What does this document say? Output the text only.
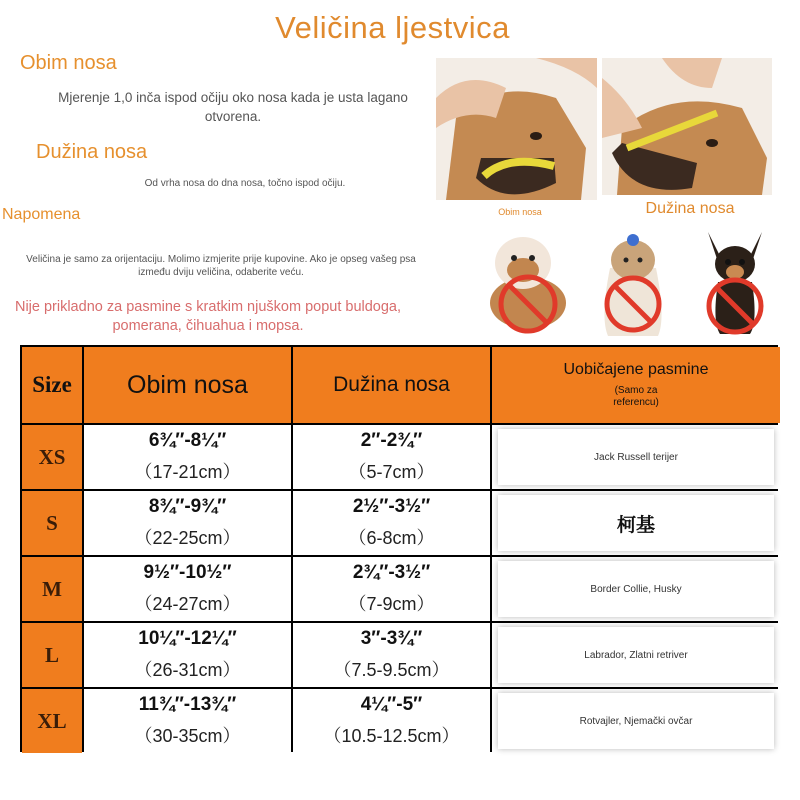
Veličina ljestvica
Obim nosa
Mjerenje 1,0 inča ispod očiju oko nosa kada je usta lagano otvorena.
Dužina nosa
Od vrha nosa do dna nosa, točno ispod očiju.
Napomena
Veličina je samo za orijentaciju. Molimo izmjerite prije kupovine. Ako je opseg vašeg psa između dviju veličina, odaberite veću.
Nije prikladno za pasmine s kratkim njuškom poput buldoga, pomerana, čihuahua i mopsa.
Obim nosa	Dužina nosa
Size Obim nosa	Dužina nosa
Uobičajene pasmine
(Samo za referencu)
XS
6¾″-8¼″
（17-21cm）
2″-2¾″
（5-7cm）
Jack Russell terijer
S
8¾″-9¾″
（22-25cm）
2½″-3½″
（6-8cm）
柯基
M
9½″-10½″
（24-27cm）
2¾″-3½″
（7-9cm）
Border Collie, Husky
L
10¼″-12¼″
（26-31cm）
3″-3¾″
（7.5-9.5cm）
Labrador, Zlatni retriver
XL
11¾″-13¾″
（30-35cm）
4¼″-5″
（10.5-12.5cm）
Rotvajler, Njemački ovčar
